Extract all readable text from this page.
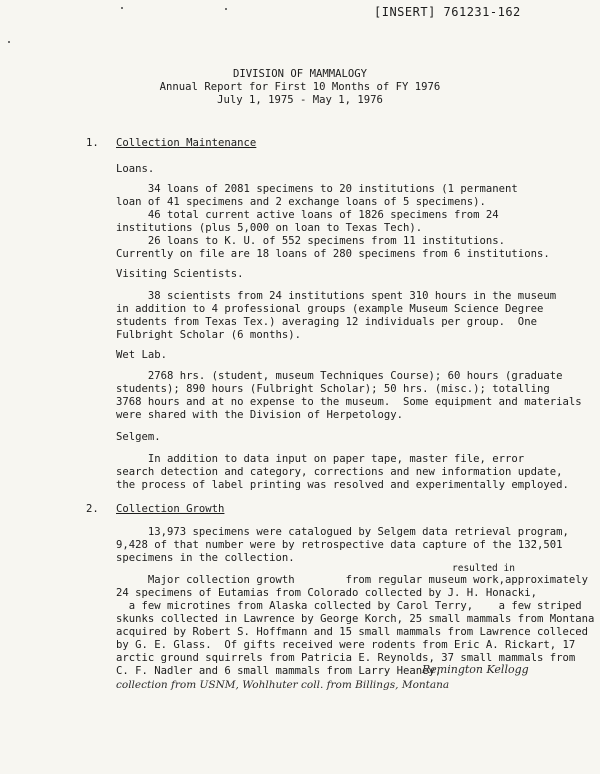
[INSERT] 761231-162
DIVISION OF MAMMALOGY
Annual Report for First 10 Months of FY 1976
July 1, 1975 - May 1, 1976
1. Collection Maintenance
Loans.
34 loans of 2081 specimens to 20 institutions (1 permanent
loan of 41 specimens and 2 exchange loans of 5 specimens).
46 total current active loans of 1826 specimens from 24
institutions (plus 5,000 on loan to Texas Tech).
26 loans to K. U. of 552 specimens from 11 institutions.
Currently on file are 18 loans of 280 specimens from 6 institutions.
Visiting Scientists.
38 scientists from 24 institutions spent 310 hours in the museum
in addition to 4 professional groups (example Museum Science Degree
students from Texas Tex.) averaging 12 individuals per group.  One
Fulbright Scholar (6 months).
Wet Lab.
2768 hrs. (student, museum Techniques Course); 60 hours (graduate
students); 890 hours (Fulbright Scholar); 50 hrs. (misc.); totalling
3768 hours and at no expense to the museum.  Some equipment and materials
were shared with the Division of Herpetology.
Selgem.
In addition to data input on paper tape, master file, error
search detection and category, corrections and new information update,
the process of label printing was resolved and experimentally employed.
2. Collection Growth
13,973 specimens were catalogued by Selgem data retrieval program,
9,428 of that number were by retrospective data capture of the 132,501
specimens in the collection.
resulted in
Major collection growth        from regular museum work,approximately
24 specimens of Eutamias from Colorado collected by J. H. Honacki,
a few microtines from Alaska collected by Carol Terry,    a few striped
skunks collected in Lawrence by George Korch, 25 small mammals from Montana
acquired by Robert S. Hoffmann and 15 small mammals from Lawrence colleced
by G. E. Glass.  Of gifts received were rodents from Eric A. Rickart, 17
arctic ground squirrels from Patricia E. Reynolds, 37 small mammals from
C. F. Nadler and 6 small mammals from Larry Heaney,
Remington Kellogg
collection from USNM, Wohlhuter coll. from Billings, Montana
